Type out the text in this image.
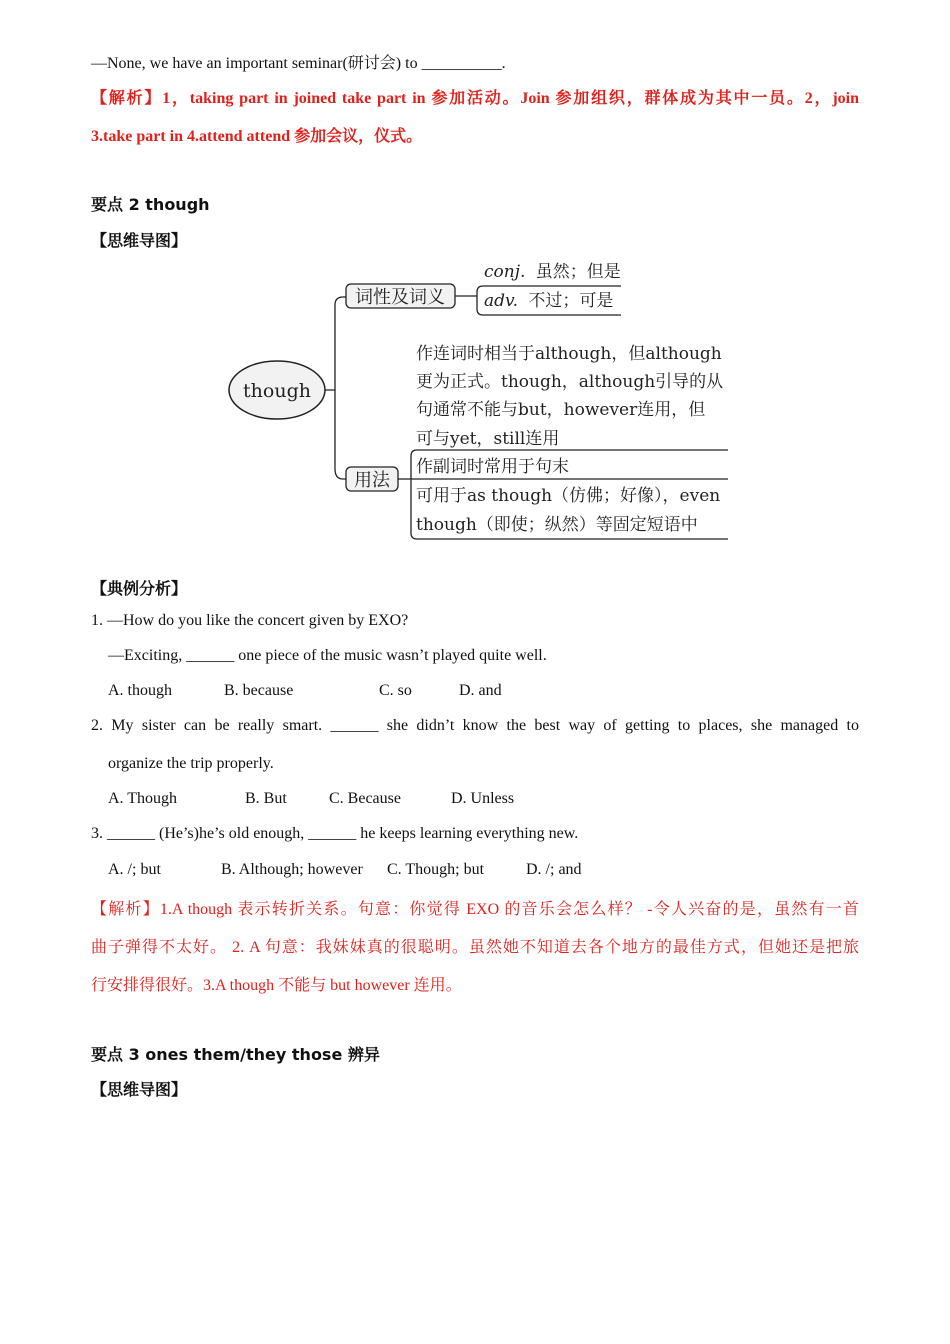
—None, we have an important seminar(研讨会) to __________.
【解析】1，taking part in joined take part in 参加活动。Join 参加组织，群体成为其中一员。2，join
3.take part in 4.attend attend 参加会议，仪式。
要点 2 though
【思维导图】
though
词性及词义
conj. 虽然；但是
adv. 不过；可是
用法
作连词时相当于although，但although
更为正式。though，although引导的从
句通常不能与but，however连用，但
可与yet，still连用
作副词时常用于句末
可用于as though（仿佛；好像），even
though（即使；纵然）等固定短语中
【典例分析】
1. —How do you like the concert given by EXO?
—Exciting, ______ one piece of the music wasn’t played quite well.
A. though	B. because	C. so	D. and
2. My sister can be really smart. ______ she didn’t know the best way of getting to places, she managed to
organize the trip properly.
A. Though	B. But	C. Because	D. Unless
3. ______ (He’s)he’s old enough, ______ he keeps learning everything new.
A. /; but	B. Although; however C. Though; but	D. /; and
【解析】1.A though 表示转折关系。句意：你觉得 EXO 的音乐会怎么样？ -令人兴奋的是，虽然有一首
曲子弹得不太好。 2. A 句意：我妹妹真的很聪明。虽然她不知道去各个地方的最佳方式，但她还是把旅
行安排得很好。3.A though 不能与 but however 连用。
要点 3 ones them/they those 辨异
【思维导图】
